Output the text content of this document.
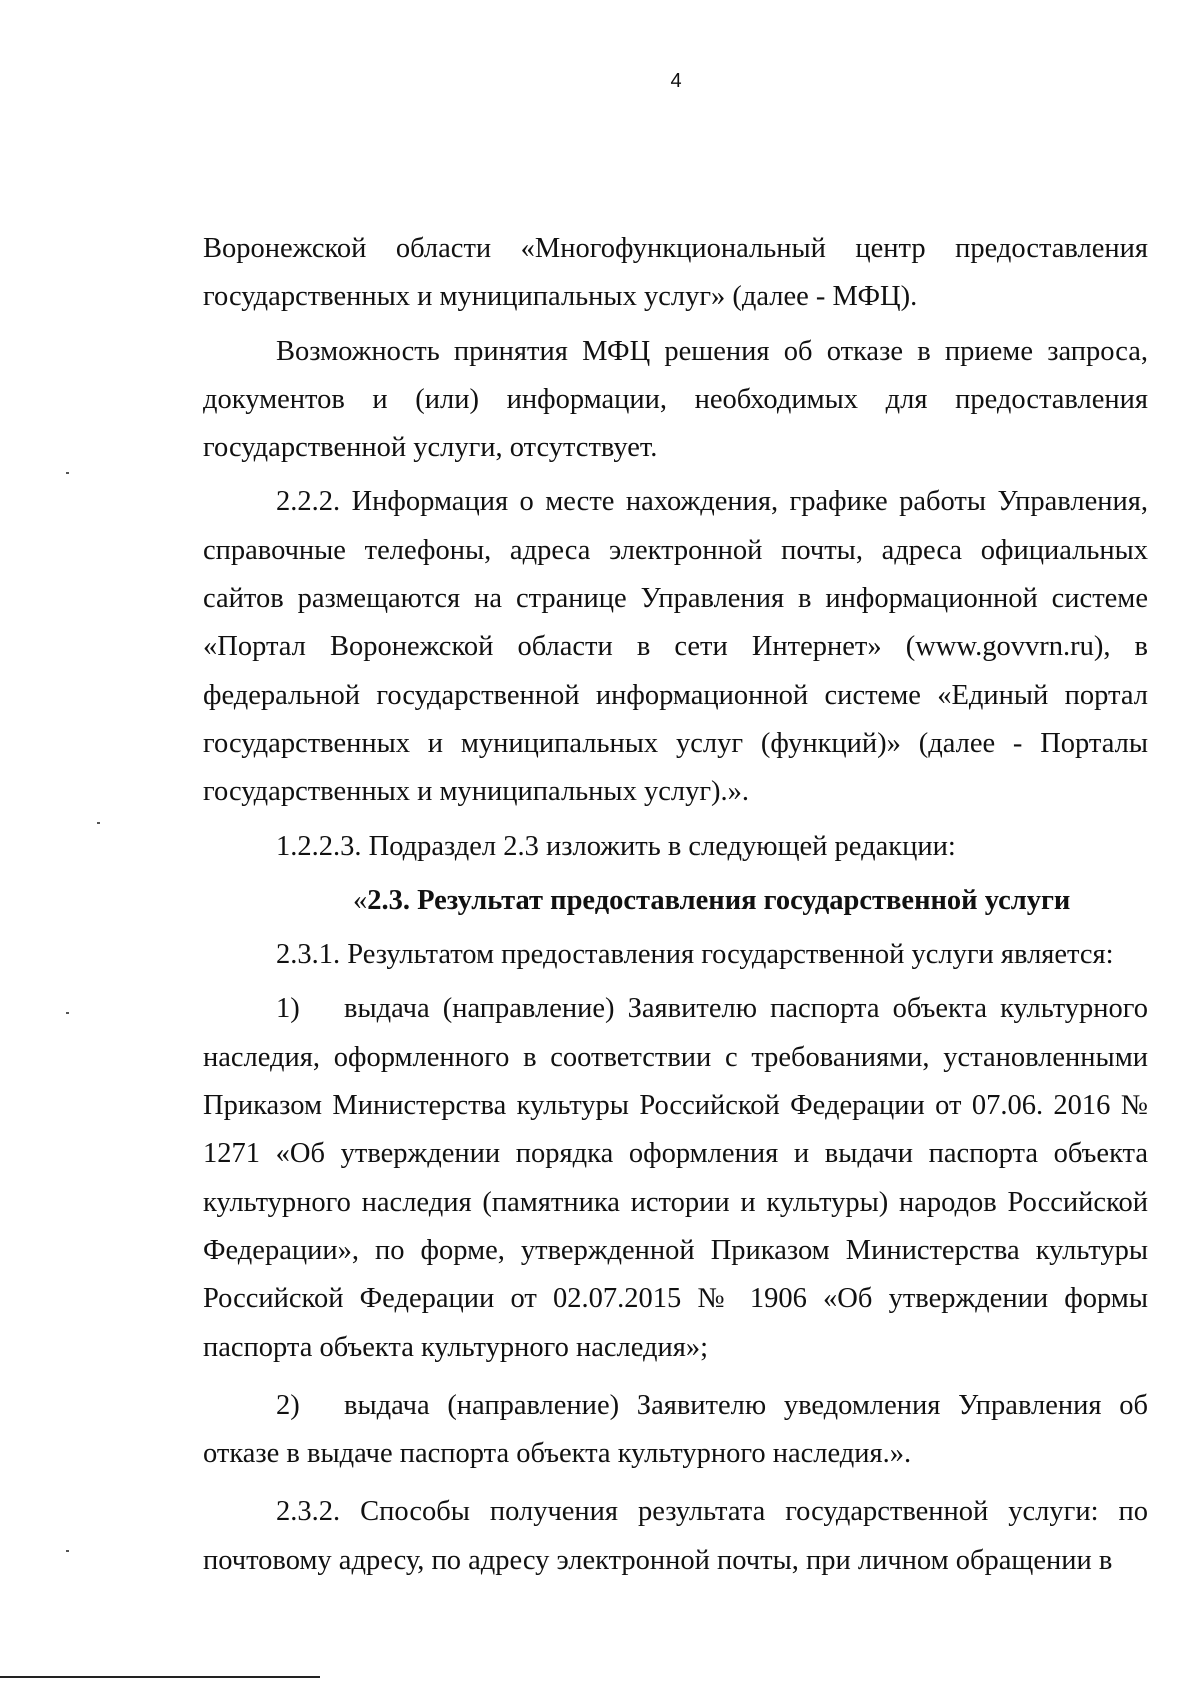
4

Воронежской области «Многофункциональный центр предоставления государственных и муниципальных услуг» (далее - МФЦ).

Возможность принятия МФЦ решения об отказе в приеме запроса, документов и (или) информации, необходимых для предоставления государственной услуги, отсутствует.

2.2.2. Информация о месте нахождения, графике работы Управления, справочные телефоны, адреса электронной почты, адреса официальных сайтов размещаются на странице Управления в информационной системе «Портал Воронежской области в сети Интернет» (www.govvrn.ru), в федеральной государственной информационной системе «Единый портал государственных и муниципальных услуг (функций)» (далее - Порталы государственных и муниципальных услуг).».

1.2.2.3. Подраздел 2.3 изложить в следующей редакции:

«2.3. Результат предоставления государственной услуги

2.3.1. Результатом предоставления государственной услуги является:

1) выдача (направление) Заявителю паспорта объекта культурного наследия, оформленного в соответствии с требованиями, установленными Приказом Министерства культуры Российской Федерации от 07.06. 2016 № 1271 «Об утверждении порядка оформления и выдачи паспорта объекта культурного наследия (памятника истории и культуры) народов Российской Федерации», по форме, утвержденной Приказом Министерства культуры Российской Федерации от 02.07.2015 № 1906 «Об утверждении формы паспорта объекта культурного наследия»;

2) выдача (направление) Заявителю уведомления Управления об отказе в выдаче паспорта объекта культурного наследия.».

2.3.2. Способы получения результата государственной услуги: по почтовому адресу, по адресу электронной почты, при личном обращении в
